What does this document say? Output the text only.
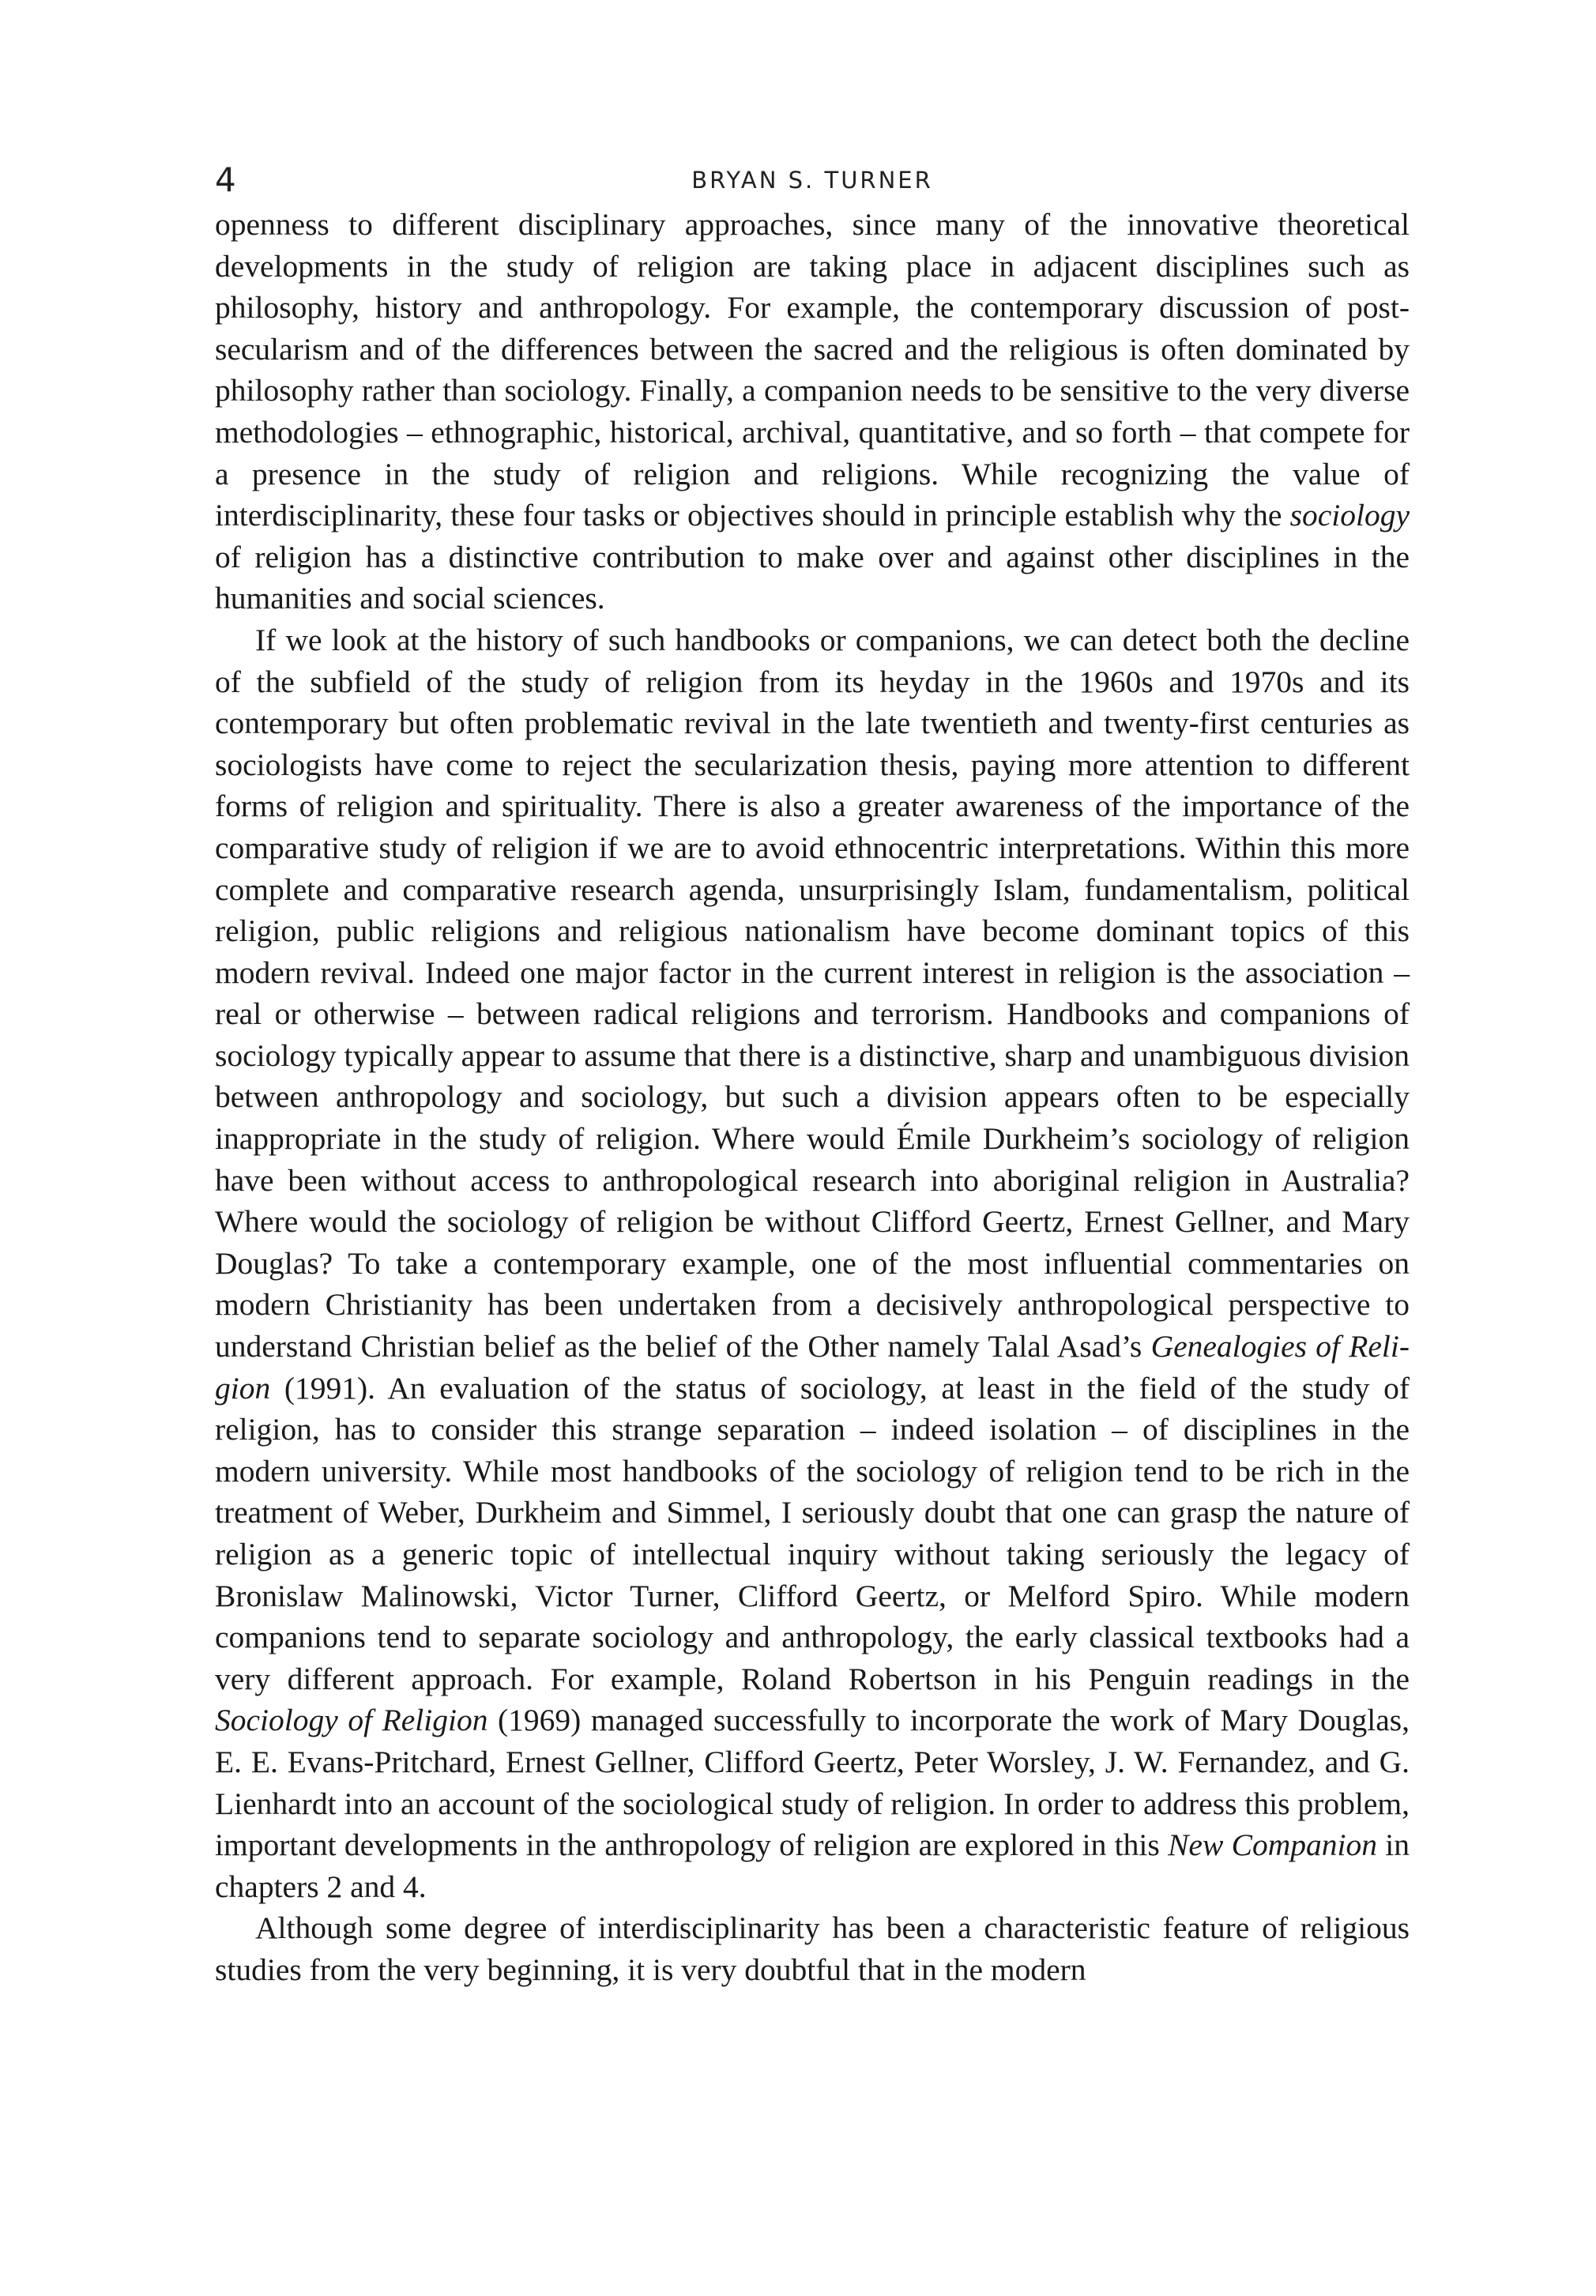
4	BRYAN S. TURNER

openness to different disciplinary approaches, since many of the innovative theoretical developments in the study of religion are taking place in adjacent disciplines such as philosophy, history and anthropology. For example, the contemporary discussion of post-secularism and of the differences between the sacred and the religious is often dominated by philosophy rather than sociology. Finally, a companion needs to be sensitive to the very diverse methodologies – ethnographic, historical, archival, quantitative, and so forth – that compete for a presence in the study of religion and religions. While recognizing the value of interdisciplinarity, these four tasks or objectives should in principle establish why the sociology of religion has a distinctive contribution to make over and against other disciplines in the humanities and social sciences.

If we look at the history of such handbooks or companions, we can detect both the decline of the subfield of the study of religion from its heyday in the 1960s and 1970s and its contemporary but often problematic revival in the late twentieth and twenty-first centuries as sociologists have come to reject the secularization thesis, paying more attention to different forms of religion and spirituality. There is also a greater awareness of the importance of the comparative study of religion if we are to avoid ethnocentric interpretations. Within this more complete and comparative research agenda, unsurprisingly Islam, fundamentalism, political religion, public religions and religious nationalism have become dominant topics of this modern revival. Indeed one major factor in the current interest in religion is the association – real or otherwise – between radical religions and terrorism. Handbooks and companions of sociology typically appear to assume that there is a distinctive, sharp and unambiguous division between anthropology and sociology, but such a division appears often to be especially inappropriate in the study of religion. Where would Émile Durkheim’s sociology of religion have been without access to anthropological research into aboriginal religion in Australia? Where would the sociology of religion be without Clifford Geertz, Ernest Gellner, and Mary Douglas? To take a contemporary example, one of the most influential commentaries on modern Christianity has been undertaken from a decisively anthropological perspective to understand Christian belief as the belief of the Other namely Talal Asad’s Genealogies of Religion (1991). An evaluation of the status of sociology, at least in the field of the study of religion, has to consider this strange separation – indeed isolation – of disciplines in the modern university. While most handbooks of the sociology of religion tend to be rich in the treatment of Weber, Durkheim and Simmel, I seriously doubt that one can grasp the nature of religion as a generic topic of intellectual inquiry without taking seriously the legacy of Bronislaw Malinowski, Victor Turner, Clifford Geertz, or Melford Spiro. While modern companions tend to separate sociology and anthropology, the early classical textbooks had a very different approach. For example, Roland Robertson in his Penguin readings in the Sociology of Religion (1969) managed successfully to incorporate the work of Mary Douglas, E. E. Evans-Pritchard, Ernest Gellner, Clifford Geertz, Peter Worsley, J. W. Fernandez, and G. Lienhardt into an account of the sociological study of religion. In order to address this problem, important developments in the anthropology of religion are explored in this New Companion in chapters 2 and 4.

Although some degree of interdisciplinarity has been a characteristic feature of religious studies from the very beginning, it is very doubtful that in the modern
